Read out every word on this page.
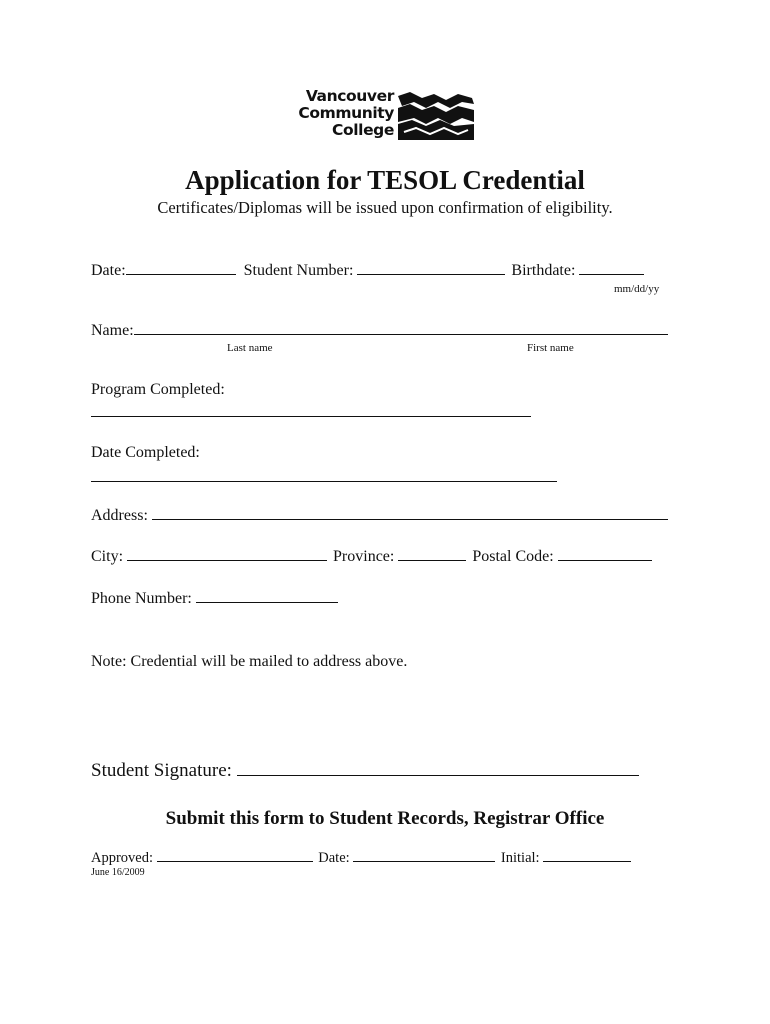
Vancouver
Community
College
Application for TESOL Credential
Certificates/Diplomas will be issued upon confirmation of eligibility.
Date:	Student Number:	Birthdate:
mm/dd/yy
Name:
Last name	First name
Program Completed:
Date Completed:
Address:
City:	Province:	Postal Code:
Phone Number:
Note: Credential will be mailed to address above.
Student Signature:
Submit this form to Student Records, Registrar Office
Approved:	Date:	Initial:
June 16/2009
